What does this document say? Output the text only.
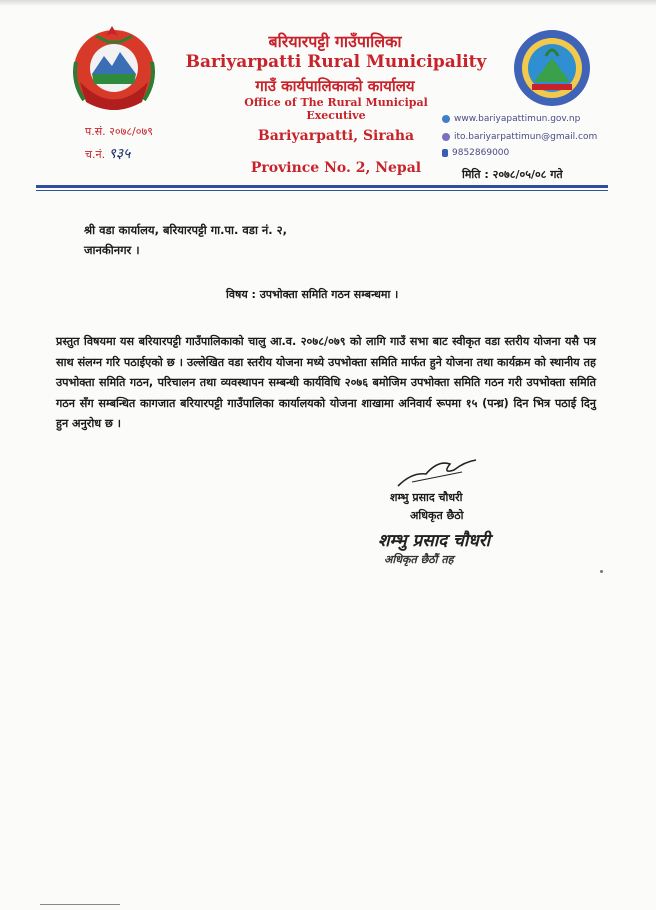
बरियारपट्टी गाउँपालिका
Bariyarpatti Rural Municipality
गाउँ कार्यपालिकाको कार्यालय
Office of The Rural Municipal Executive
Bariyarpatti, Siraha
Province No. 2, Nepal
प.सं. २०७८/०७९
च.नं. ९३५
www.bariyapattimun.gov.np
ito.bariyarpattimun@gmail.com
9852869000
मिति : २०७८/०५/०८ गते
श्री वडा कार्यालय, बरियारपट्टी गा.पा. वडा नं. २,
जानकीनगर ।
विषय : उपभोक्ता समिति गठन सम्बन्धमा ।
प्रस्तुत विषयमा यस बरियारपट्टी गाउँपालिकाको चालु आ.व. २०७८/०७९ को लागि गाउँ सभा बाट स्वीकृत वडा स्तरीय योजना यसै पत्र साथ संलग्न गरि पठाईएको छ । उल्लेखित वडा स्तरीय योजना मध्ये उपभोक्ता समिति मार्फत हुने योजना तथा कार्यक्रम को स्थानीय तह उपभोक्ता समिति गठन, परिचालन तथा व्यवस्थापन सम्बन्धी कार्यविधि २०७६ बमोजिम उपभोक्ता समिति गठन गरी उपभोक्ता समिति गठन सँग सम्बन्धित कागजात बरियारपट्टी गाउँपालिका कार्यालयको योजना शाखामा अनिवार्य रूपमा १५ (पन्ध्र) दिन भित्र पठाई दिनु हुन अनुरोध छ ।
शम्भु प्रसाद चौधरी
अधिकृत छैठो
शम्भु प्रसाद चौधरी
अधिकृत छैठौं तह
